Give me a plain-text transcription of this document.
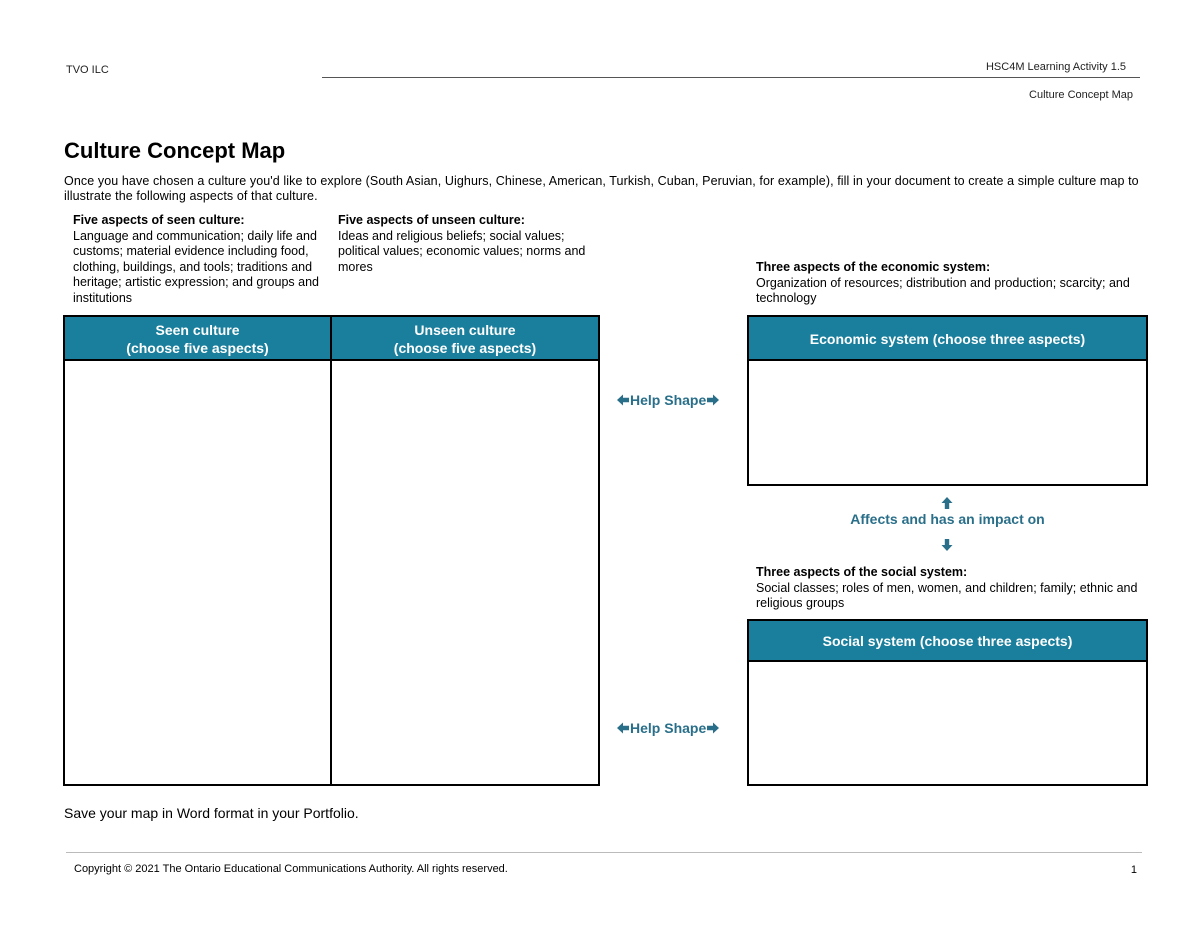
TVO ILC	HSC4M Learning Activity 1.5
Culture Concept Map
Culture Concept Map
Once you have chosen a culture you'd like to explore (South Asian, Uighurs, Chinese, American, Turkish, Cuban, Peruvian, for example), fill in your document to create a simple culture map to illustrate the following aspects of that culture.
Five aspects of seen culture:
Language and communication; daily life and customs; material evidence including food, clothing, buildings, and tools; traditions and heritage; artistic expression; and groups and institutions
Five aspects of unseen culture:
Ideas and religious beliefs; social values; political values; economic values; norms and mores	Three aspects of the economic system:
Organization of resources; distribution and production; scarcity; and technology
Seen culture
(choose five aspects)
Unseen culture
(choose five aspects)
Help Shape
Economic system (choose three aspects)
Affects and has an impact on
Three aspects of the social system:
Social classes; roles of men, women, and children; family; ethnic and religious groups
Social system (choose three aspects)
Help Shape
Save your map in Word format in your Portfolio.
Copyright © 2021 The Ontario Educational Communications Authority. All rights reserved.	1
